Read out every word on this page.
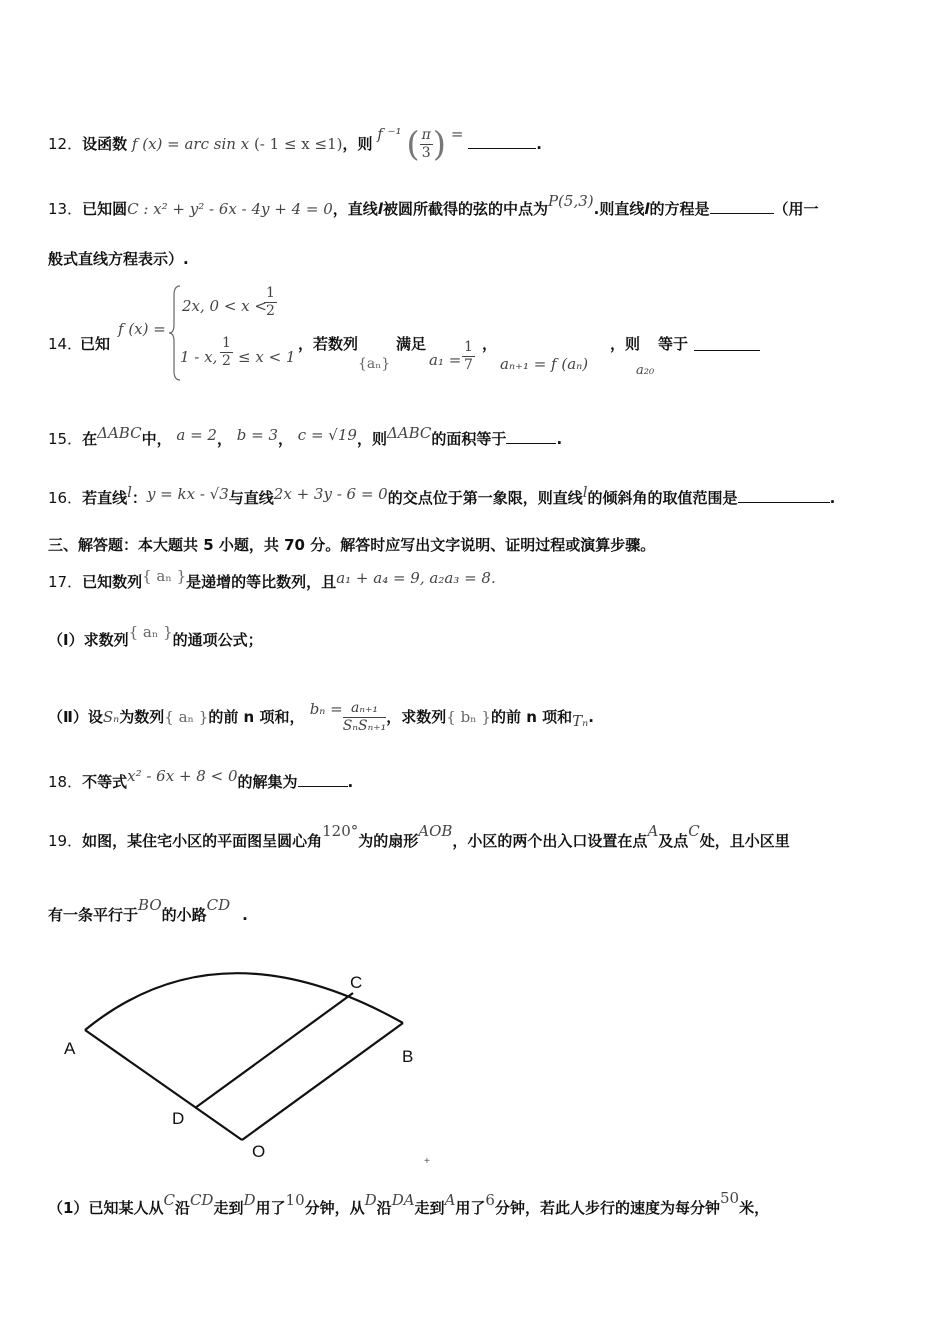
12．设函数 f (x) = arc sin x (- 1 ≤ x ≤1)，则 f ⁻¹ ( $\frac{\pi}{3}$ ) = .
13．已知圆C : x² + y² - 6x - 4y + 4 = 0，直线l被圆所截得的弦的中点为P(5,3).则直线l的方程是	（用一
般式直线方程表示）.
14．
已知
f (x) =
2x, 0 < x <
$\frac{1}{2}$
1 - x, $\frac{1}{2} \le x < 1$
，若数列	满足
{aₙ}	$a_1 = \frac{1}{7}$ ，
aₙ₊₁ = f (aₙ)
，则 等于
a₂₀
15．在ΔABC中， a = 2， b = 3， c = √19，则ΔABC的面积等于	.
16．若直线l：y = kx - √3与直线2x + 3y - 6 = 0的交点位于第一象限，则直线l的倾斜角的取值范围是	.
三、解答题：本大题共 5 小题，共 70 分。解答时应写出文字说明、证明过程或演算步骤。
17．已知数列{ aₙ }是递增的等比数列，且a₁ + a₄ = 9, a₂a₃ = 8.
（Ⅰ）求数列{ aₙ }的通项公式；
（Ⅱ）设Sₙ为数列{ aₙ }的前 n 项和， $b_n = \frac{\text{aₙ₊₁}}{\text{SₙSₙ₊₁}}$ ，求数列{ bₙ }的前 n 项和Tₙ.
18．不等式x² - 6x + 8 < 0的解集为	.
19．如图，某住宅小区的平面图呈圆心角120°为的扇形AOB，小区的两个出入口设置在点A及点C处，且小区里
有一条平行于BO的小路CD.
A	B
C
D
O
+
（1）已知某人从C沿CD走到D用了10分钟，从D沿DA走到A用了6分钟，若此人步行的速度为每分钟50米，
